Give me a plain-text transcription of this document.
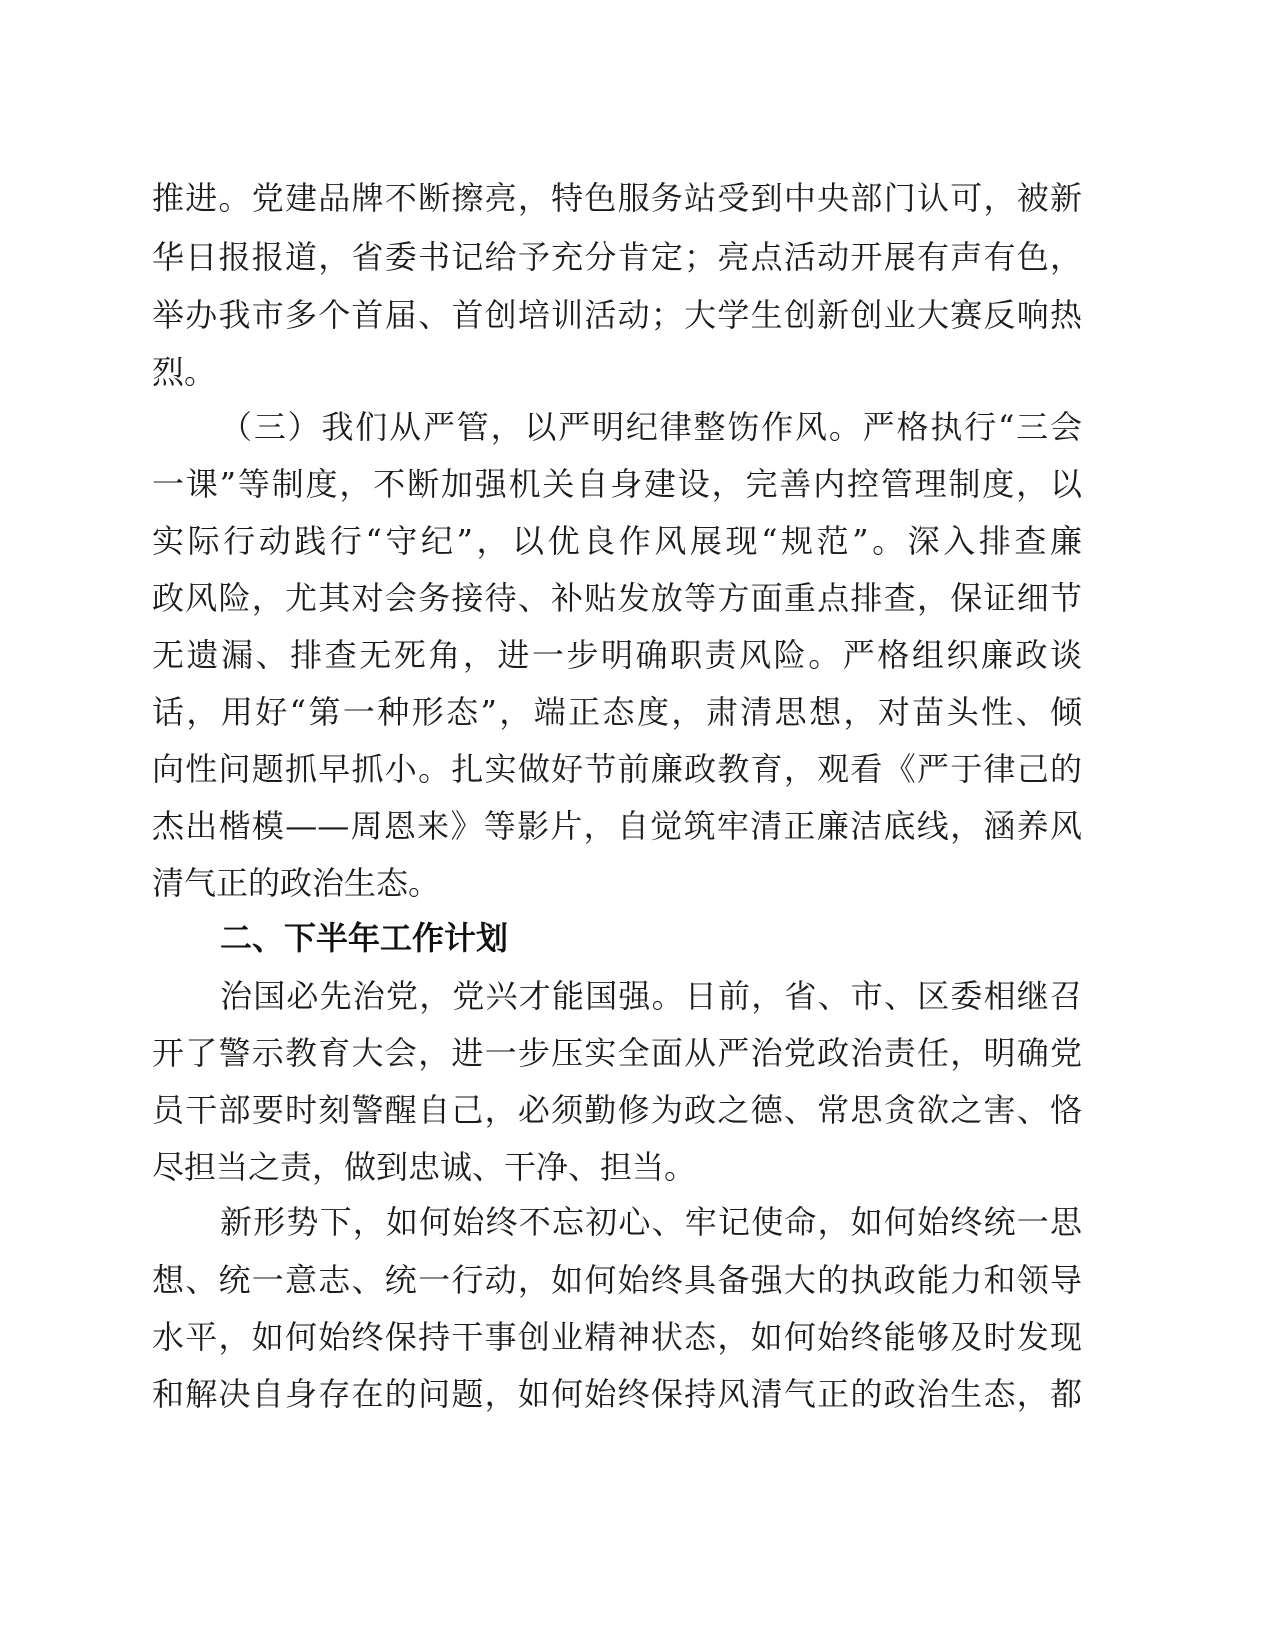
推进。党建品牌不断擦亮，特色服务站受到中央部门认可，被新
华日报报道，省委书记给予充分肯定；亮点活动开展有声有色，
举办我市多个首届、首创培训活动；大学生创新创业大赛反响热
烈。
（三）我们从严管，以严明纪律整饬作风。严格执行“三会
一课”等制度，不断加强机关自身建设，完善内控管理制度，以
实际行动践行“守纪”，以优良作风展现“规范”。深入排查廉
政风险，尤其对会务接待、补贴发放等方面重点排查，保证细节
无遗漏、排查无死角，进一步明确职责风险。严格组织廉政谈
话，用好“第一种形态”，端正态度，肃清思想，对苗头性、倾
向性问题抓早抓小。扎实做好节前廉政教育，观看《严于律己的
杰出楷模——周恩来》等影片，自觉筑牢清正廉洁底线，涵养风
清气正的政治生态。
二、下半年工作计划
治国必先治党，党兴才能国强。日前，省、市、区委相继召
开了警示教育大会，进一步压实全面从严治党政治责任，明确党
员干部要时刻警醒自己，必须勤修为政之德、常思贪欲之害、恪
尽担当之责，做到忠诚、干净、担当。
新形势下，如何始终不忘初心、牢记使命，如何始终统一思
想、统一意志、统一行动，如何始终具备强大的执政能力和领导
水平，如何始终保持干事创业精神状态，如何始终能够及时发现
和解决自身存在的问题，如何始终保持风清气正的政治生态，都
